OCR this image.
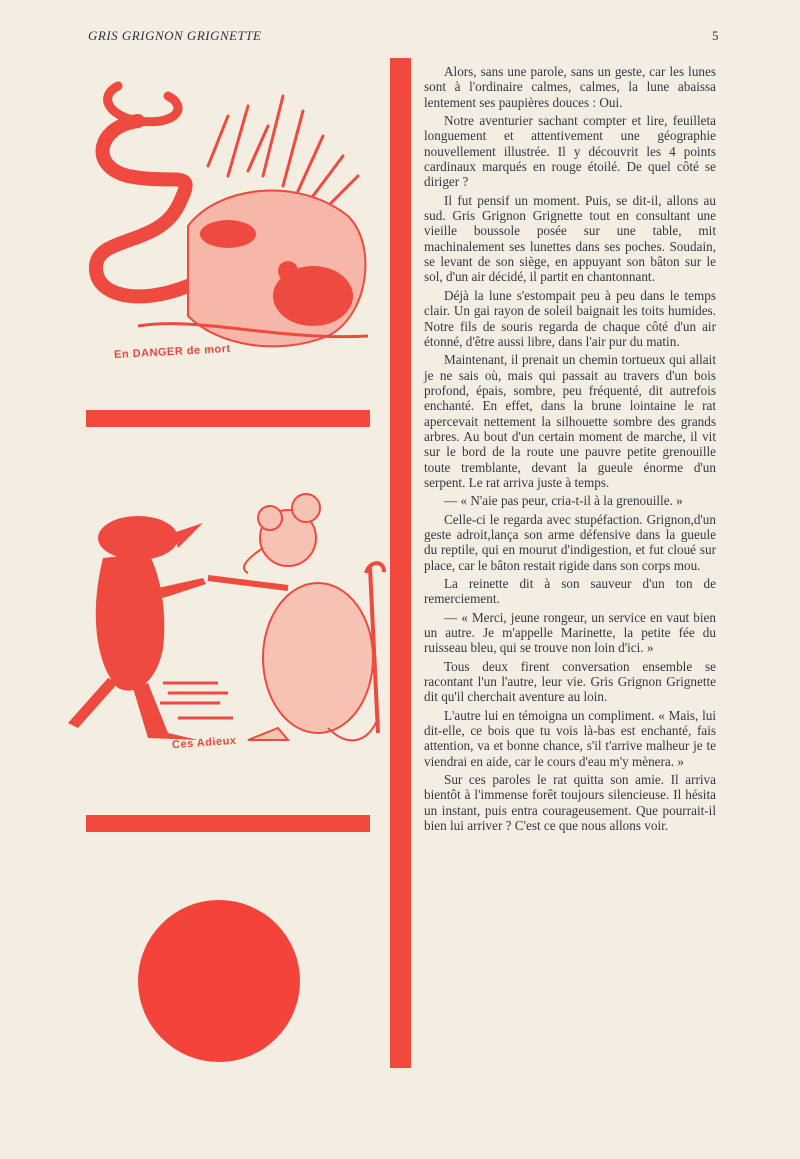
GRIS GRIGNON GRIGNETTE	5
En DANGER de mort
Ces Adieux

Alors, sans une parole, sans un geste, car les lunes sont à l'ordinaire calmes, calmes, la lune abaissa lentement ses paupières douces : Oui.

Notre aventurier sachant compter et lire, feuilleta longuement et attentivement une géographie nouvellement illustrée. Il y découvrit les 4 points cardinaux marqués en rouge étoilé. De quel côté se diriger ?

Il fut pensif un moment. Puis, se dit-il, allons au sud. Gris Grignon Grignette tout en consultant une vieille boussole posée sur une table, mit machinalement ses lunettes dans ses poches. Soudain, se levant de son siège, en appuyant son bâton sur le sol, d'un air décidé, il partit en chantonnant.

Déjà la lune s'estompait peu à peu dans le temps clair. Un gai rayon de soleil baignait les toits humides. Notre fils de souris regarda de chaque côté d'un air étonné, d'être aussi libre, dans l'air pur du matin.

Maintenant, il prenait un chemin tortueux qui allait je ne sais où, mais qui passait au travers d'un bois profond, épais, sombre, peu fréquenté, dit autrefois enchanté. En effet, dans la brune lointaine le rat apercevait nettement la silhouette sombre des grands arbres. Au bout d'un certain moment de marche, il vit sur le bord de la route une pauvre petite grenouille toute tremblante, devant la gueule énorme d'un serpent. Le rat arriva juste à temps.

— « N'aie pas peur, cria-t-il à la grenouille. »

Celle-ci le regarda avec stupéfaction. Grignon,d'un geste adroit,lança son arme défensive dans la gueule du reptile, qui en mourut d'indigestion, et fut cloué sur place, car le bâton restait rigide dans son corps mou.

La reinette dit à son sauveur d'un ton de remerciement.

— « Merci, jeune rongeur, un service en vaut bien un autre. Je m'appelle Marinette, la petite fée du ruisseau bleu, qui se trouve non loin d'ici. »

Tous deux firent conversation ensemble se racontant l'un l'autre, leur vie. Gris Grignon Grignette dit qu'il cherchait aventure au loin.

L'autre lui en témoigna un compliment. « Mais, lui dit-elle, ce bois que tu vois là-bas est enchanté, fais attention, va et bonne chance, s'il t'arrive malheur je te viendrai en aide, car le cours d'eau m'y mènera. »

Sur ces paroles le rat quitta son amie. Il arriva bientôt à l'immense forêt toujours silencieuse. Il hésita un instant, puis entra courageusement. Que pourrait-il bien lui arriver ? C'est ce que nous allons voir.
